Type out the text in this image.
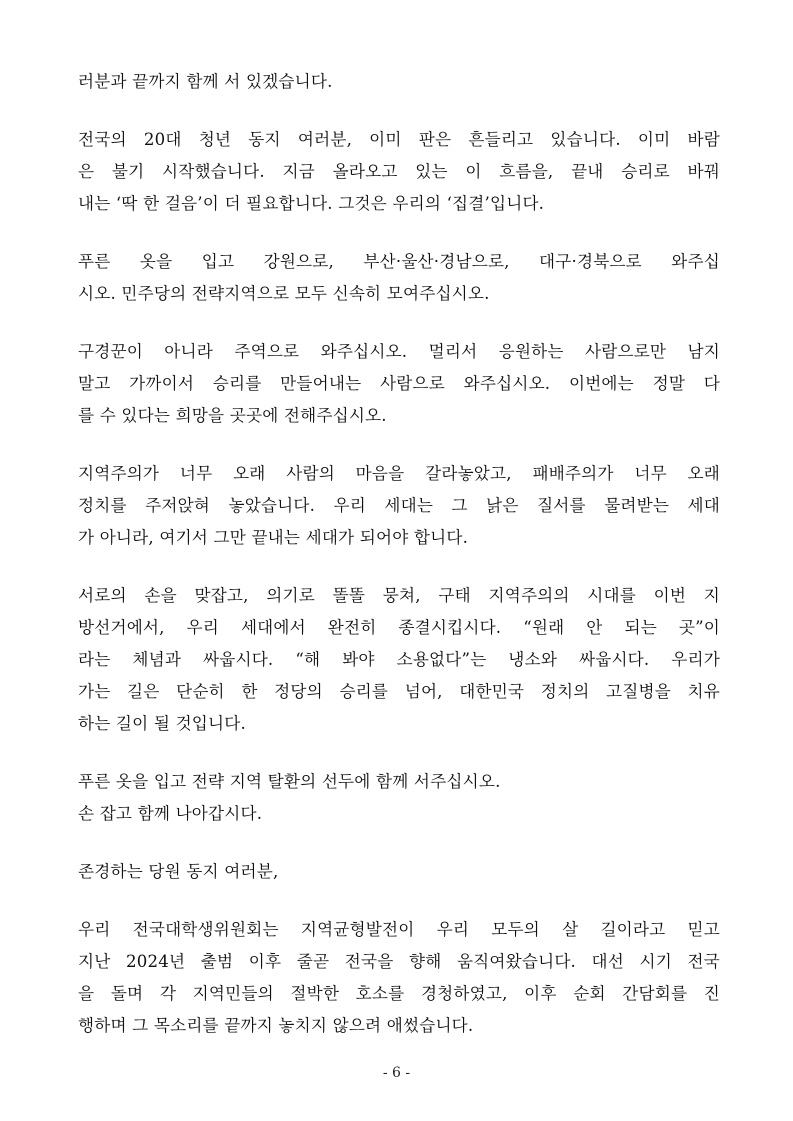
러분과 끝까지 함께 서 있겠습니다.
전국의 20대 청년 동지 여러분, 이미 판은 흔들리고 있습니다. 이미 바람
은 불기 시작했습니다. 지금 올라오고 있는 이 흐름을, 끝내 승리로 바꿔
내는 ‘딱 한 걸음’이 더 필요합니다. 그것은 우리의 ‘집결’입니다.
푸른 옷을 입고 강원으로, 부산·울산·경남으로, 대구·경북으로 와주십
시오. 민주당의 전략지역으로 모두 신속히 모여주십시오.
구경꾼이 아니라 주역으로 와주십시오. 멀리서 응원하는 사람으로만 남지
말고 가까이서 승리를 만들어내는 사람으로 와주십시오. 이번에는 정말 다
를 수 있다는 희망을 곳곳에 전해주십시오.
지역주의가 너무 오래 사람의 마음을 갈라놓았고, 패배주의가 너무 오래
정치를 주저앉혀 놓았습니다. 우리 세대는 그 낡은 질서를 물려받는 세대
가 아니라, 여기서 그만 끝내는 세대가 되어야 합니다.
서로의 손을 맞잡고, 의기로 똘똘 뭉쳐, 구태 지역주의의 시대를 이번 지
방선거에서, 우리 세대에서 완전히 종결시킵시다. “원래 안 되는 곳”이
라는 체념과 싸웁시다. “해 봐야 소용없다”는 냉소와 싸웁시다. 우리가
가는 길은 단순히 한 정당의 승리를 넘어, 대한민국 정치의 고질병을 치유
하는 길이 될 것입니다.
푸른 옷을 입고 전략 지역 탈환의 선두에 함께 서주십시오.
손 잡고 함께 나아갑시다.
존경하는 당원 동지 여러분,
우리 전국대학생위원회는 지역균형발전이 우리 모두의 살 길이라고 믿고
지난 2024년 출범 이후 줄곧 전국을 향해 움직여왔습니다. 대선 시기 전국
을 돌며 각 지역민들의 절박한 호소를 경청하였고, 이후 순회 간담회를 진
행하며 그 목소리를 끝까지 놓치지 않으려 애썼습니다.
- 6 -
